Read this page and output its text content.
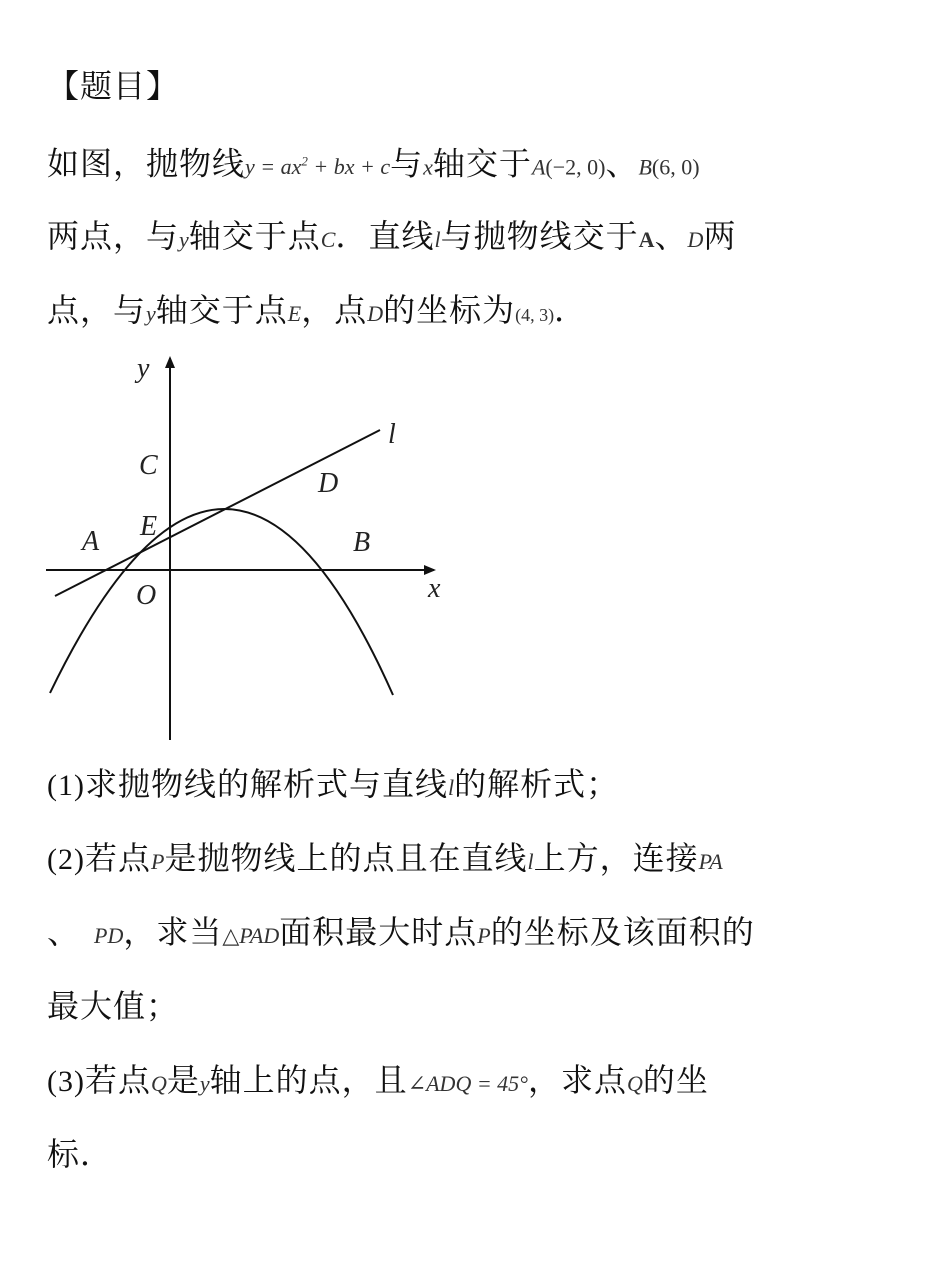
【题目】
如图，抛物线$y = ax^2$ + bx + c与x轴交于A(−2, 0)、B(6, 0)
两点，与y轴交于点C．直线l与抛物线交于A、D两
点，与y轴交于点E，点D的坐标为(4, 3)．
y
x
O
A	B
C
D
E
l
(1)求抛物线的解析式与直线l的解析式；
(2)若点P是抛物线上的点且在直线l上方，连接PA
、 PD，求当△PAD面积最大时点P的坐标及该面积的
最大值；
(3)若点Q是y轴上的点，且∠ADQ = 45°，求点Q的坐
标．
